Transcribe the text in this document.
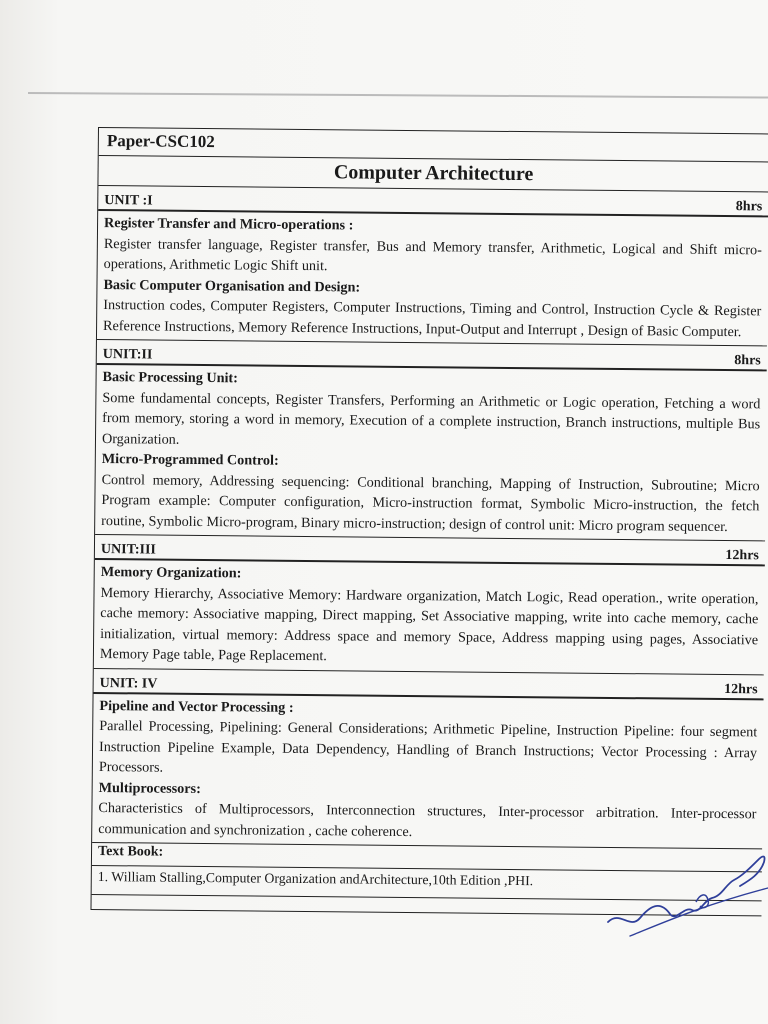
Paper-CSC102
Computer Architecture
UNIT :I	8hrs
Register Transfer and Micro-operations :
Register transfer language, Register transfer, Bus and Memory transfer, Arithmetic, Logical and Shift micro-operations, Arithmetic Logic Shift unit.
Basic Computer Organisation and Design:
Instruction codes, Computer Registers, Computer Instructions, Timing and Control, Instruction Cycle & Register Reference Instructions, Memory Reference Instructions, Input-Output and Interrupt , Design of Basic Computer.
UNIT:II	8hrs
Basic Processing Unit:
Some fundamental concepts, Register Transfers, Performing an Arithmetic or Logic operation, Fetching a word from memory, storing a word in memory, Execution of a complete instruction, Branch instructions, multiple Bus Organization.
Micro-Programmed Control:
Control memory, Addressing sequencing: Conditional branching, Mapping of Instruction, Subroutine; Micro Program example: Computer configuration, Micro-instruction format, Symbolic Micro-instruction, the fetch routine, Symbolic Micro-program, Binary micro-instruction; design of control unit: Micro program sequencer.
UNIT:III	12hrs
Memory Organization:
Memory Hierarchy, Associative Memory: Hardware organization, Match Logic, Read operation., write operation, cache memory: Associative mapping, Direct mapping, Set Associative mapping, write into cache memory, cache initialization, virtual memory: Address space and memory Space, Address mapping using pages, Associative Memory Page table, Page Replacement.
UNIT: IV	12hrs
Pipeline and Vector Processing :
Parallel Processing, Pipelining: General Considerations; Arithmetic Pipeline, Instruction Pipeline: four segment Instruction Pipeline Example, Data Dependency, Handling of Branch Instructions; Vector Processing : Array Processors.
Multiprocessors:
Characteristics of Multiprocessors, Interconnection structures, Inter-processor arbitration. Inter-processor communication and synchronization , cache coherence.
Text Book:
1. William Stalling,Computer Organization andArchitecture,10th Edition ,PHI.
